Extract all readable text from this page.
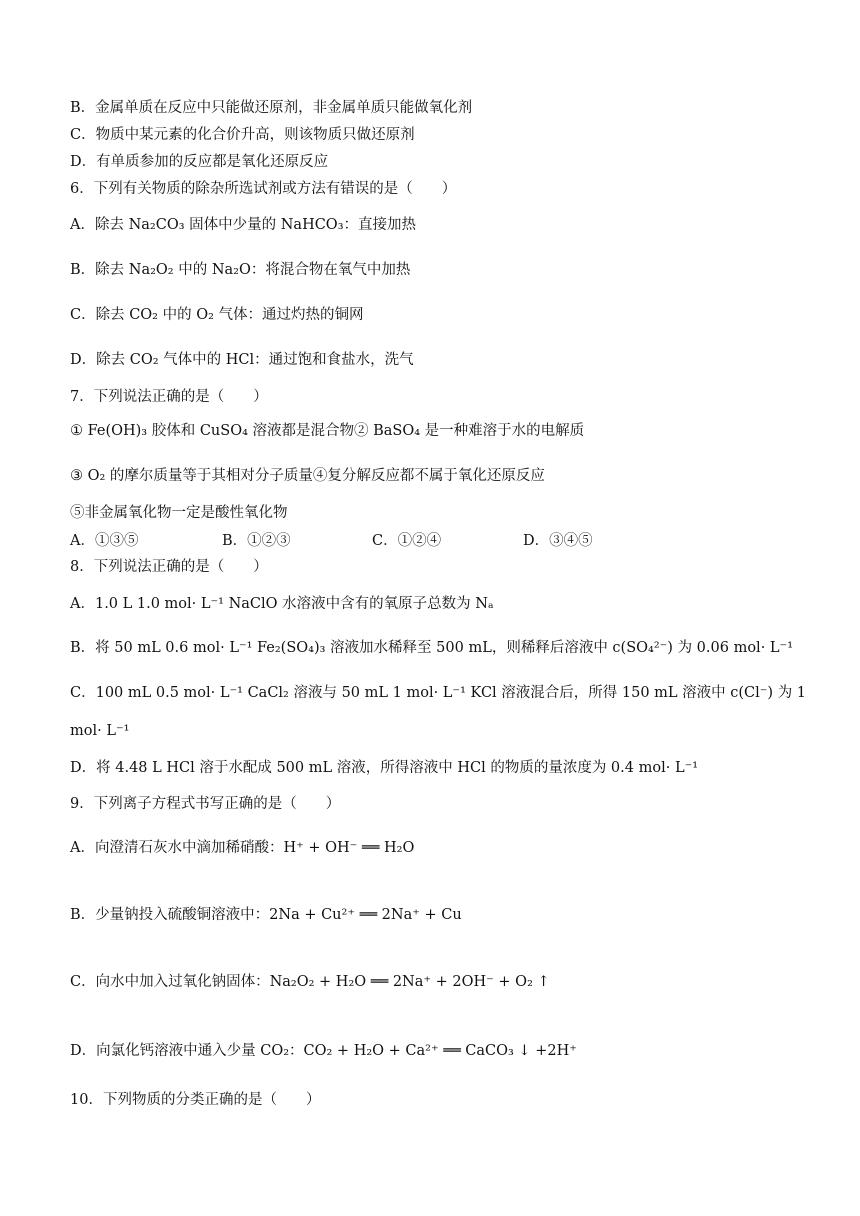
B．金属单质在反应中只能做还原剂，非金属单质只能做氧化剂
C．物质中某元素的化合价升高，则该物质只做还原剂
D．有单质参加的反应都是氧化还原反应
6．下列有关物质的除杂所选试剂或方法有错误的是（　　）
A．除去 Na₂CO₃ 固体中少量的 NaHCO₃：直接加热
B．除去 Na₂O₂ 中的 Na₂O：将混合物在氧气中加热
C．除去 CO₂ 中的 O₂ 气体：通过灼热的铜网
D．除去 CO₂ 气体中的 HCl：通过饱和食盐水，洗气
7．下列说法正确的是（　　）
① Fe(OH)₃ 胶体和 CuSO₄ 溶液都是混合物② BaSO₄ 是一种难溶于水的电解质
③ O₂ 的摩尔质量等于其相对分子质量④复分解反应都不属于氧化还原反应
⑤非金属氧化物一定是酸性氧化物
A．①③⑤	B．①②③	C．①②④	D．③④⑤
8．下列说法正确的是（　　）
A．1.0 L 1.0 mol· L⁻¹ NaClO 水溶液中含有的氧原子总数为 Nₐ
B．将 50 mL 0.6 mol· L⁻¹ Fe₂(SO₄)₃ 溶液加水稀释至 500 mL，则稀释后溶液中 c(SO₄²⁻) 为 0.06 mol· L⁻¹
C．100 mL 0.5 mol· L⁻¹ CaCl₂ 溶液与 50 mL 1 mol· L⁻¹ KCl 溶液混合后，所得 150 mL 溶液中 c(Cl⁻) 为 1
mol· L⁻¹
D．将 4.48 L HCl 溶于水配成 500 mL 溶液，所得溶液中 HCl 的物质的量浓度为 0.4 mol· L⁻¹
9．下列离子方程式书写正确的是（　　）
A．向澄清石灰水中滴加稀硝酸：H⁺ + OH⁻ ══ H₂O
B．少量钠投入硫酸铜溶液中：2Na + Cu²⁺ ══ 2Na⁺ + Cu
C．向水中加入过氧化钠固体：Na₂O₂ + H₂O ══ 2Na⁺ + 2OH⁻ + O₂ ↑
D．向氯化钙溶液中通入少量 CO₂：CO₂ + H₂O + Ca²⁺ ══ CaCO₃ ↓ +2H⁺
10．下列物质的分类正确的是（　　）
